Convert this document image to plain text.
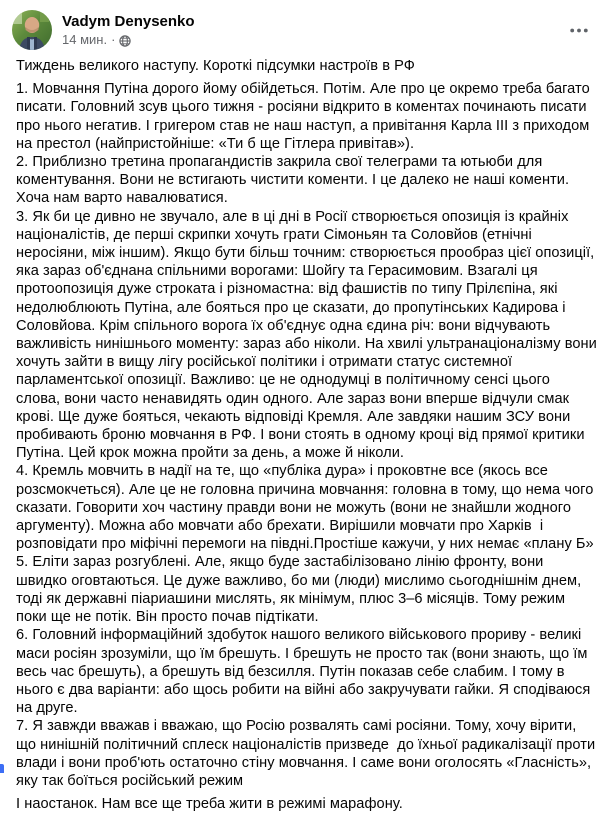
Vadym Denysenko
14 мин. ·

Тиждень великого наступу. Короткі підсумки настроїв в РФ

1. Мовчання Путіна дорого йому обійдеться. Потім. Але про це окремо треба багато писати. Головний зсув цього тижня - росіяни відкрито в коментах починають писати про нього негатив. І григером став не наш наступ, а привітання Карла III з приходом на престол (найпристойніше: «Ти б ще Гітлера привітав»).

2. Приблизно третина пропагандистів закрила свої телеграми та ютьюби для коментування. Вони не встигають чистити коменти. І це далеко не наші коменти. Хоча нам варто навалюватися.

3. Як би це дивно не звучало, але в ці дні в Росії створюється опозиція із крайніх націоналістів, де перші скрипки хочуть грати Сімоньян та Соловйов (етнічні неросіяни, між іншим). Якщо бути більш точним: створюється прообраз цієї опозиції, яка зараз об'єднана спільними ворогами: Шойгу та Герасимовим. Взагалі ця протоопозиція дуже строката і різномастна: від фашистів по типу Прілєпіна, які недолюблюють Путіна, але бояться про це сказати, до пропутінських Кадирова і Соловйова. Крім спільного ворога їх об'єднує одна єдина річ: вони відчувають важливість нинішнього моменту: зараз або ніколи. На хвилі ультранаціоналізму вони хочуть зайти в вищу лігу російської політики і отримати статус системної парламентської опозиції. Важливо: це не однодумці в політичному сенсі цього слова, вони часто ненавидять один одного. Але зараз вони вперше відчули смак крові. Ще дуже бояться, чекають відповіді Кремля. Але завдяки нашим ЗСУ вони пробивають броню мовчання в РФ. І вони стоять в одному кроці від прямої критики Путіна. Цей крок можна пройти за день, а може й ніколи.

4. Кремль мовчить в надії на те, що «публіка дура» і проковтне все (якось все розсмокчеться). Але це не головна причина мовчання: головна в тому, що нема чого сказати. Говорити хоч частину правди вони не можуть (вони не знайшли жодного аргументу). Можна або мовчати або брехати. Вирішили мовчати про Харків  і розповідати про міфічні перемоги на півдні.Простіше кажучи, у них немає «плану Б»

5. Еліти зараз розгублені. Але, якщо буде застабілізовано лінію фронту, вони швидко оговтаються. Це дуже важливо, бо ми (люди) мислимо сьогоднішнім днем, тоді як державні піариашини мислять, як мінімум, плюс 3–6 місяців. Тому режим поки ще не потік. Він просто почав підтікати.

6. Головний інформаційний здобуток нашого великого військового прориву - великі маси росіян зрозуміли, що їм брешуть. І брешуть не просто так (вони знають, що їм весь час брешуть), а брешуть від безсилля. Путін показав себе слабим. І тому в нього є два варіанти: або щось робити на війні або закручувати гайки. Я сподіваюся на друге.

7. Я завжди вважав і вважаю, що Росію розвалять самі росіяни. Тому, хочу вірити, що нинішній політичний сплеск націоналістів призведе  до їхньої радикалізації проти влади і вони проб'ють остаточно стіну мовчання. І саме вони оголосять «Гласність», яку так боїться російський режим

І наостанок. Нам все ще треба жити в режимі марафону.
